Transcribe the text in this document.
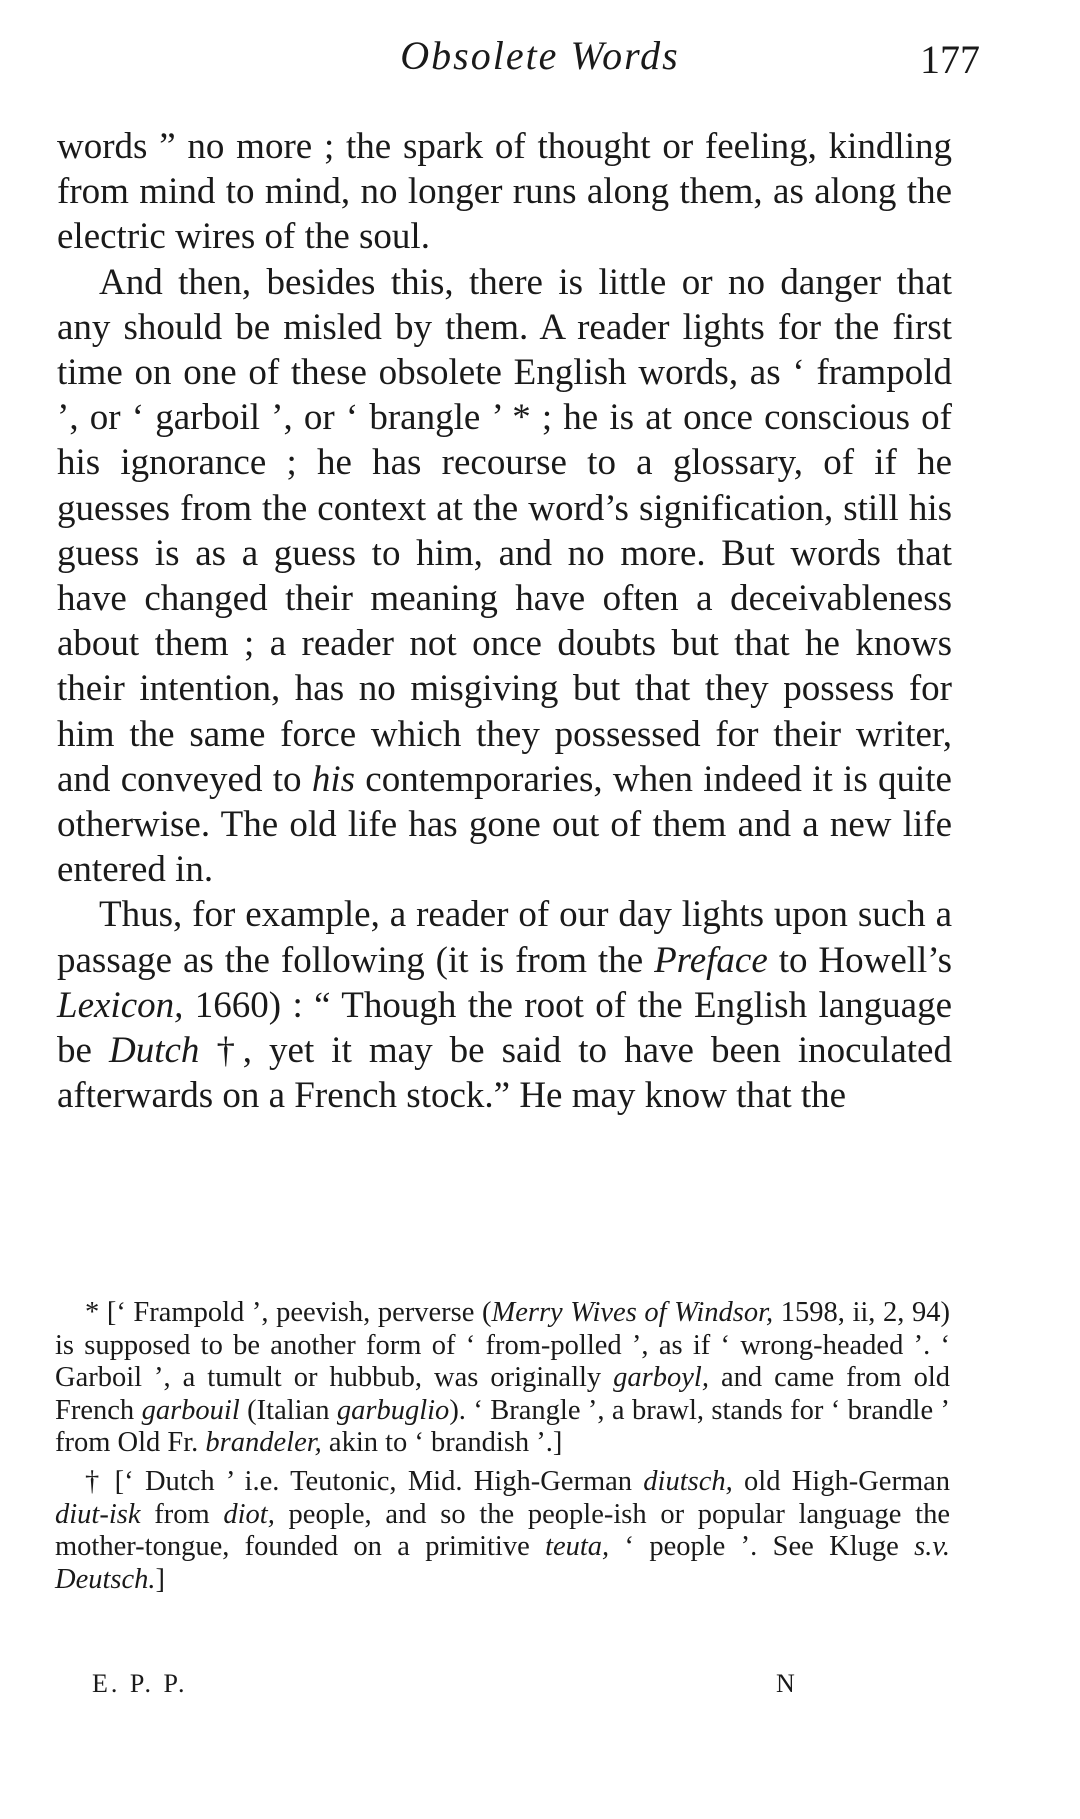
Obsolete Words	177

words ” no more ; the spark of thought or feeling, kindling from mind to mind, no longer runs along them, as along the electric wires of the soul.

And then, besides this, there is little or no danger that any should be misled by them. A reader lights for the first time on one of these obsolete English words, as ‘ frampold ’, or ‘ garboil ’, or ‘ brangle ’ * ; he is at once conscious of his ignorance ; he has recourse to a glossary, of if he guesses from the context at the word’s signification, still his guess is as a guess to him, and no more. But words that have changed their meaning have often a deceivableness about them ; a reader not once doubts but that he knows their intention, has no misgiving but that they possess for him the same force which they possessed for their writer, and conveyed to his contemporaries, when indeed it is quite otherwise. The old life has gone out of them and a new life entered in.

Thus, for example, a reader of our day lights upon such a passage as the following (it is from the Preface to Howell’s Lexicon, 1660) : “ Though the root of the English language be Dutch †, yet it may be said to have been inoculated afterwards on a French stock.” He may know that the

* [‘ Frampold ’, peevish, perverse (Merry Wives of Windsor, 1598, ii, 2, 94) is supposed to be another form of ‘ from-polled ’, as if ‘ wrong-headed ’. ‘ Garboil ’, a tumult or hubbub, was originally garboyl, and came from old French garbouil (Italian garbuglio). ‘ Brangle ’, a brawl, stands for ‘ brandle ’ from Old Fr. brandeler, akin to ‘ brandish ’.]

† [‘ Dutch ’ i.e. Teutonic, Mid. High-German diutsch, old High-German diut-isk from diot, people, and so the people-ish or popular language the mother-tongue, founded on a primitive teuta, ‘ people ’. See Kluge s.v. Deutsch.]

E. P. P.	N
